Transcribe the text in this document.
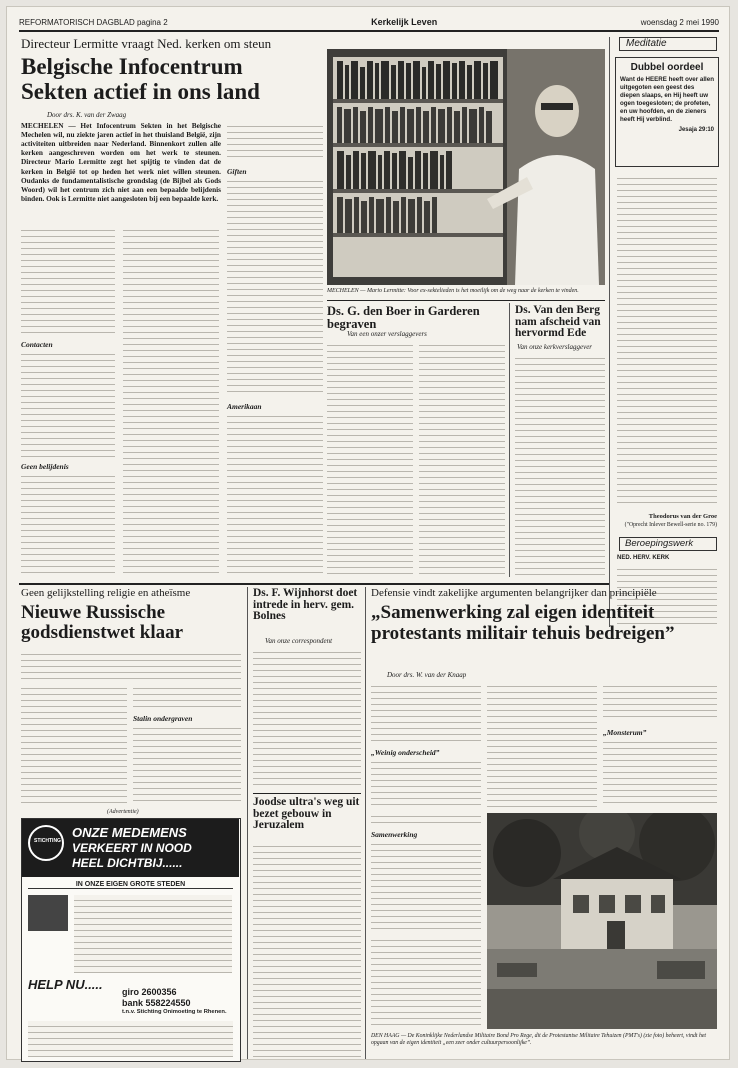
REFORMATORISCH DAGBLAD pagina 2	Kerkelijk Leven	woensdag 2 mei 1990
Directeur Lermitte vraagt Ned. kerken om steun
Belgische Infocentrum
Sekten actief in ons land
Door drs. K. van der Zwaag
MECHELEN — Het Infocentrum Sekten in het Belgische Mechelen wil, nu ziekte jaren actief in het thuisland België, zijn activiteiten uitbreiden naar Nederland. Binnenkort zullen alle kerken aangeschreven worden om het werk te steunen. Directeur Mario Lermitte zegt het spijtig te vinden dat de kerken in België tot op heden het werk niet willen steunen. Oudanks de fundamentalistische grondslag (de Bijbel als Gods Woord) wil het centrum zich niet aan een bepaalde belijdenis binden. Ook is Lermitte niet aangesloten bij een bepaalde kerk.
Contacten
Geen belijdenis
Giften
Amerikaan
MECHELEN — Mario Lermitte: Voor ex-sektelieden is het moeilijk om de weg naar de kerken te vinden.
Meditatie
Dubbel oordeel
Want de HEERE heeft over allen uitgegoten een geest des diepen slaaps, en Hij heeft uw ogen toegesloten; de profeten, en uw hoofden, en de zieners heeft Hij verblind.
Jesaja 29:10
Theodorus van der Groe
("Oprecht Inlever Bewell-serie no. 179)
Beroepingswerk
NED. HERV. KERK
Ds. G. den Boer in Garderen begraven
Van een onzer verslaggevers
Ds. Van den Berg nam afscheid van hervormd Ede
Van onze kerkverslaggever
Geen gelijkstelling religie en atheïsme
Nieuwe Russische godsdienstwet klaar
Stalin ondergraven
(Advertentie)
STICHTING
ONZE MEDEMENS
VERKEERT IN NOOD
HEEL DICHTBIJ......
IN ONZE EIGEN GROTE STEDEN
HELP NU..... giro 2600356
bank 558224550
t.n.v. Stichting Onimoeting te Rhenen.
Ds. F. Wijnhorst doet intrede in herv. gem. Bolnes
Van onze correspondent
Joodse ultra's weg uit bezet gebouw in Jeruzalem
Defensie vindt zakelijke argumenten belangrijker dan principiële
„Samenwerking zal eigen identiteit protestants militair tehuis bedreigen”
Door drs. W. van der Knaap
„Weinig onderscheid”
„Monsterum”
Samenwerking
DEN HAAG — De Koninklijke Nederlandse Militaire Bond Pro Rege, dit de Protestantse Militaire Tehuizen (PMT's) (zie foto) beheert, vindt het opgaan van de eigen identiteit „een zeer onder cultuurpersoonlijke”.
